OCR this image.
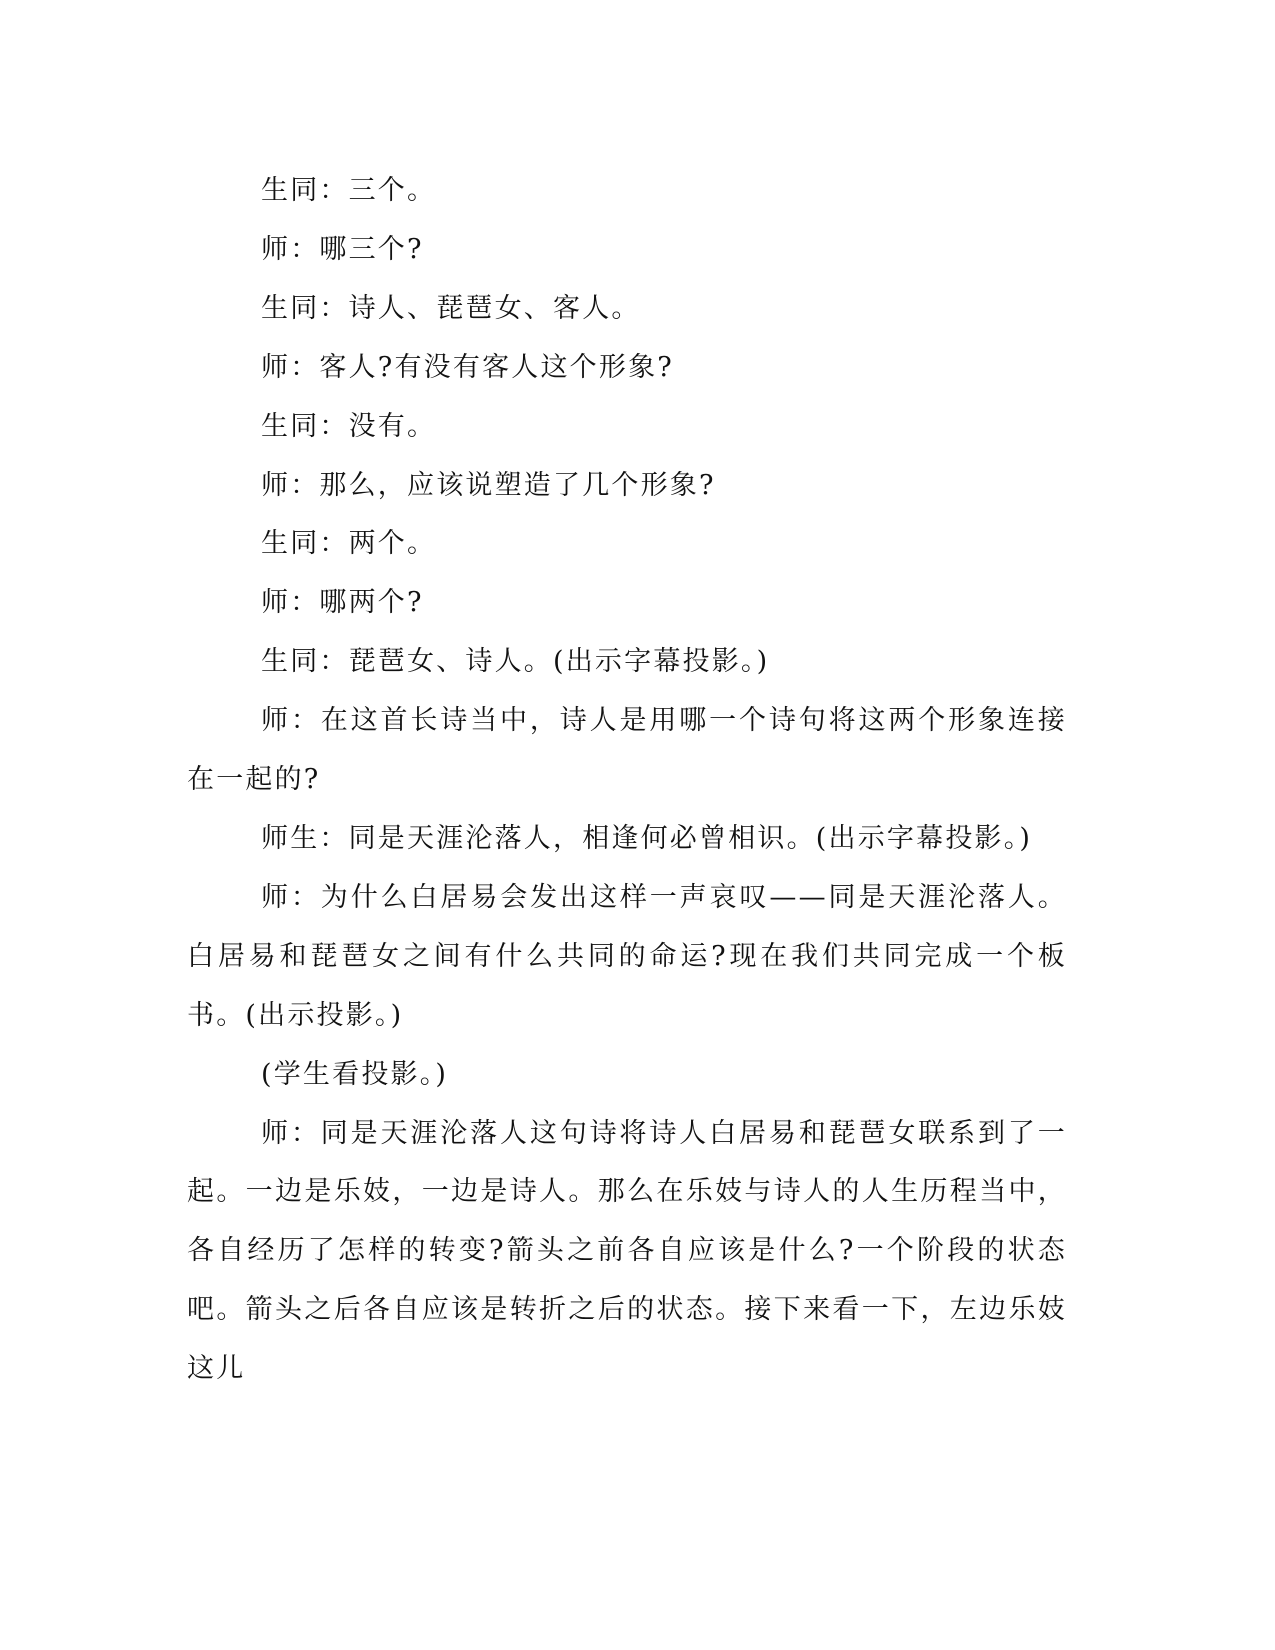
生同：三个。

师：哪三个?

生同：诗人、琵琶女、客人。

师：客人?有没有客人这个形象?

生同：没有。

师：那么，应该说塑造了几个形象?

生同：两个。

师：哪两个?

生同：琵琶女、诗人。(出示字幕投影。)

师：在这首长诗当中，诗人是用哪一个诗句将这两个形象连接在一起的?

师生：同是天涯沦落人，相逢何必曾相识。(出示字幕投影。)

师：为什么白居易会发出这样一声哀叹——同是天涯沦落人。白居易和琵琶女之间有什么共同的命运?现在我们共同完成一个板书。(出示投影。)

(学生看投影。)

师：同是天涯沦落人这句诗将诗人白居易和琵琶女联系到了一起。一边是乐妓，一边是诗人。那么在乐妓与诗人的人生历程当中，各自经历了怎样的转变?箭头之前各自应该是什么?一个阶段的状态吧。箭头之后各自应该是转折之后的状态。接下来看一下，左边乐妓这儿
